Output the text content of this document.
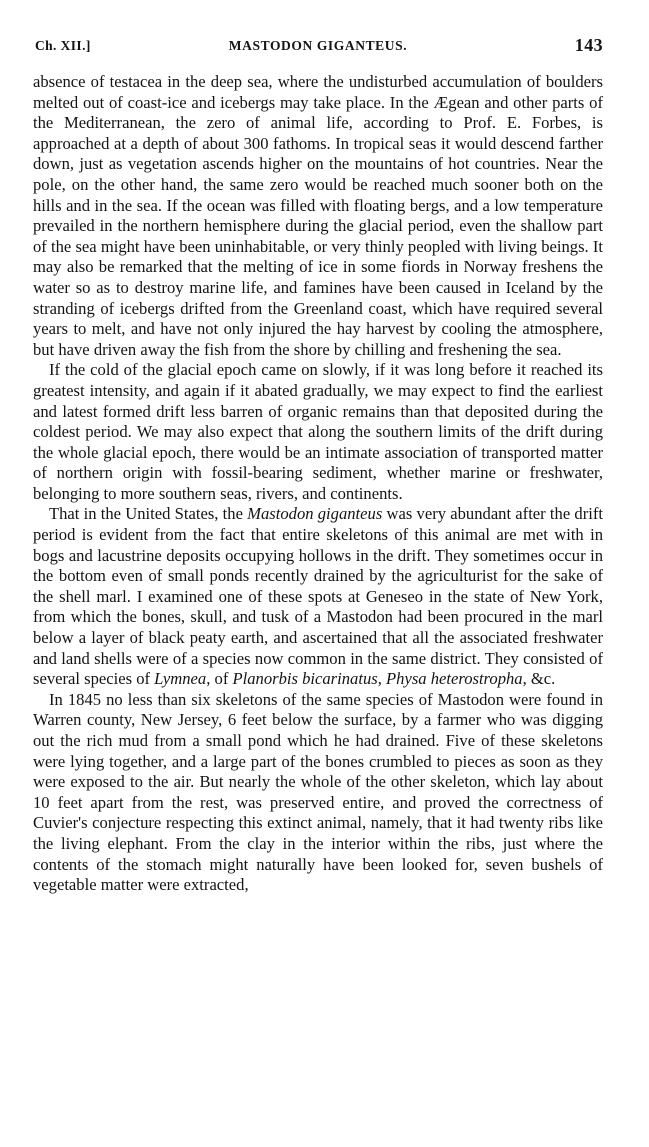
Ch. XII.]	MASTODON GIGANTEUS.	143

absence of testacea in the deep sea, where the undisturbed accumulation of boulders melted out of coast-ice and icebergs may take place. In the Ægean and other parts of the Mediterranean, the zero of animal life, according to Prof. E. Forbes, is approached at a depth of about 300 fathoms. In tropical seas it would descend farther down, just as vegetation ascends higher on the mountains of hot countries. Near the pole, on the other hand, the same zero would be reached much sooner both on the hills and in the sea. If the ocean was filled with floating bergs, and a low temperature prevailed in the northern hemisphere during the glacial period, even the shallow part of the sea might have been uninhabitable, or very thinly peopled with living beings. It may also be remarked that the melting of ice in some fiords in Norway freshens the water so as to destroy marine life, and famines have been caused in Iceland by the stranding of icebergs drifted from the Greenland coast, which have required several years to melt, and have not only injured the hay harvest by cooling the atmosphere, but have driven away the fish from the shore by chilling and freshening the sea.

If the cold of the glacial epoch came on slowly, if it was long before it reached its greatest intensity, and again if it abated gradually, we may expect to find the earliest and latest formed drift less barren of organic remains than that deposited during the coldest period. We may also expect that along the southern limits of the drift during the whole glacial epoch, there would be an intimate association of transported matter of northern origin with fossil-bearing sediment, whether marine or freshwater, belonging to more southern seas, rivers, and continents.

That in the United States, the Mastodon giganteus was very abundant after the drift period is evident from the fact that entire skeletons of this animal are met with in bogs and lacustrine deposits occupying hollows in the drift. They sometimes occur in the bottom even of small ponds recently drained by the agriculturist for the sake of the shell marl. I examined one of these spots at Geneseo in the state of New York, from which the bones, skull, and tusk of a Mastodon had been procured in the marl below a layer of black peaty earth, and ascertained that all the associated freshwater and land shells were of a species now common in the same district. They consisted of several species of Lymnea, of Planorbis bicarinatus, Physa heterostropha, &c.

In 1845 no less than six skeletons of the same species of Mastodon were found in Warren county, New Jersey, 6 feet below the surface, by a farmer who was digging out the rich mud from a small pond which he had drained. Five of these skeletons were lying together, and a large part of the bones crumbled to pieces as soon as they were exposed to the air. But nearly the whole of the other skeleton, which lay about 10 feet apart from the rest, was preserved entire, and proved the correctness of Cuvier's conjecture respecting this extinct animal, namely, that it had twenty ribs like the living elephant. From the clay in the interior within the ribs, just where the contents of the stomach might naturally have been looked for, seven bushels of vegetable matter were extracted,
